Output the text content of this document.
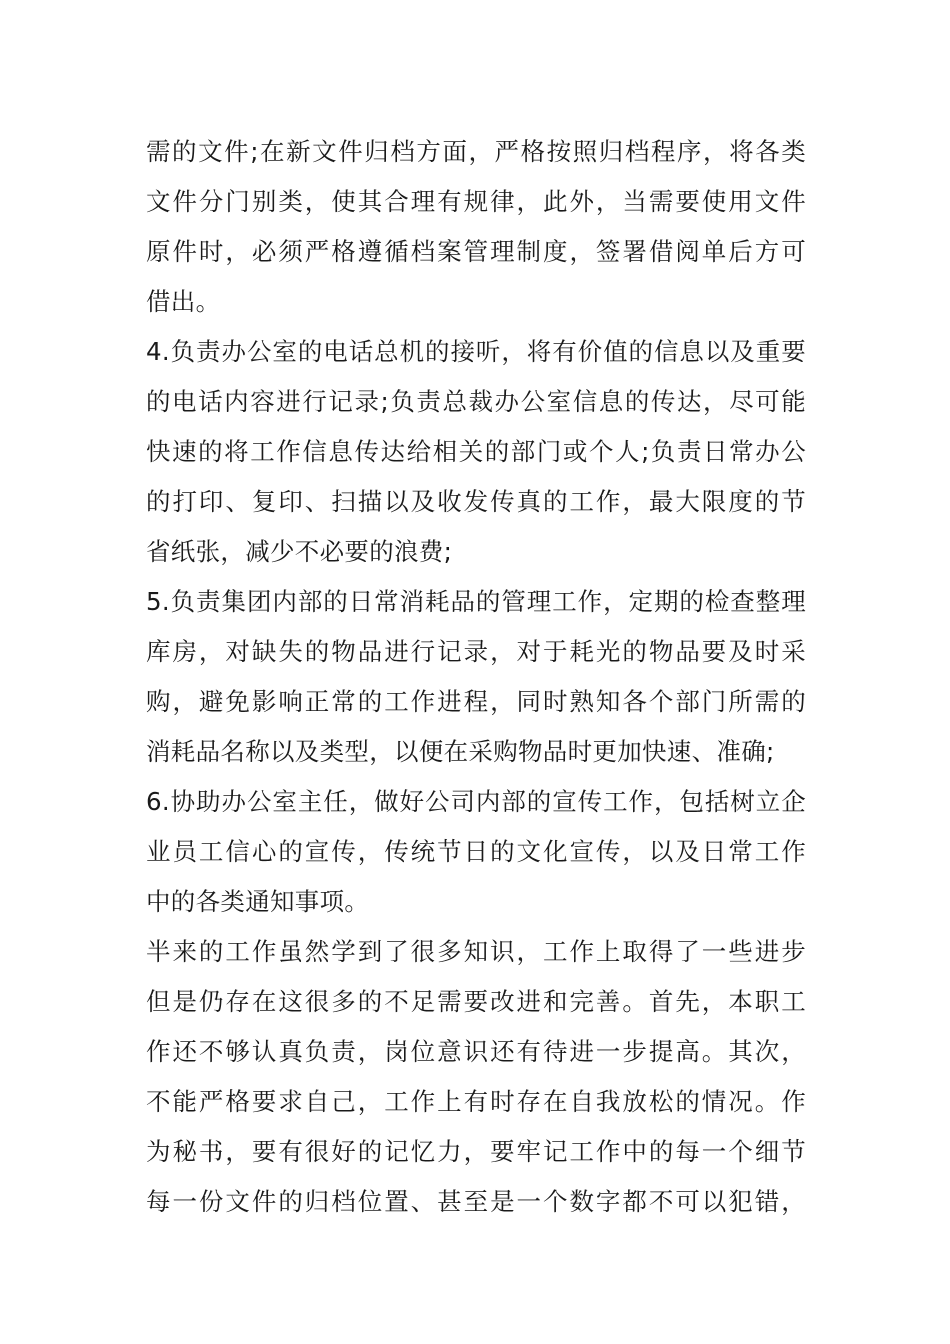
需的文件;在新文件归档方面，严格按照归档程序，将各类
文件分门别类，使其合理有规律，此外，当需要使用文件
原件时，必须严格遵循档案管理制度，签署借阅单后方可
借出。
4.负责办公室的电话总机的接听，将有价值的信息以及重要
的电话内容进行记录;负责总裁办公室信息的传达，尽可能
快速的将工作信息传达给相关的部门或个人;负责日常办公
的打印、复印、扫描以及收发传真的工作，最大限度的节
省纸张，减少不必要的浪费;
5.负责集团内部的日常消耗品的管理工作，定期的检查整理
库房，对缺失的物品进行记录，对于耗光的物品要及时采
购，避免影响正常的工作进程，同时熟知各个部门所需的
消耗品名称以及类型，以便在采购物品时更加快速、准确;
6.协助办公室主任，做好公司内部的宣传工作，包括树立企
业员工信心的宣传，传统节日的文化宣传，以及日常工作
中的各类通知事项。
半来的工作虽然学到了很多知识，工作上取得了一些进步
但是仍存在这很多的不足需要改进和完善。首先，本职工
作还不够认真负责，岗位意识还有待进一步提高。其次，
不能严格要求自己，工作上有时存在自我放松的情况。作
为秘书，要有很好的记忆力，要牢记工作中的每一个细节
每一份文件的归档位置、甚至是一个数字都不可以犯错，
